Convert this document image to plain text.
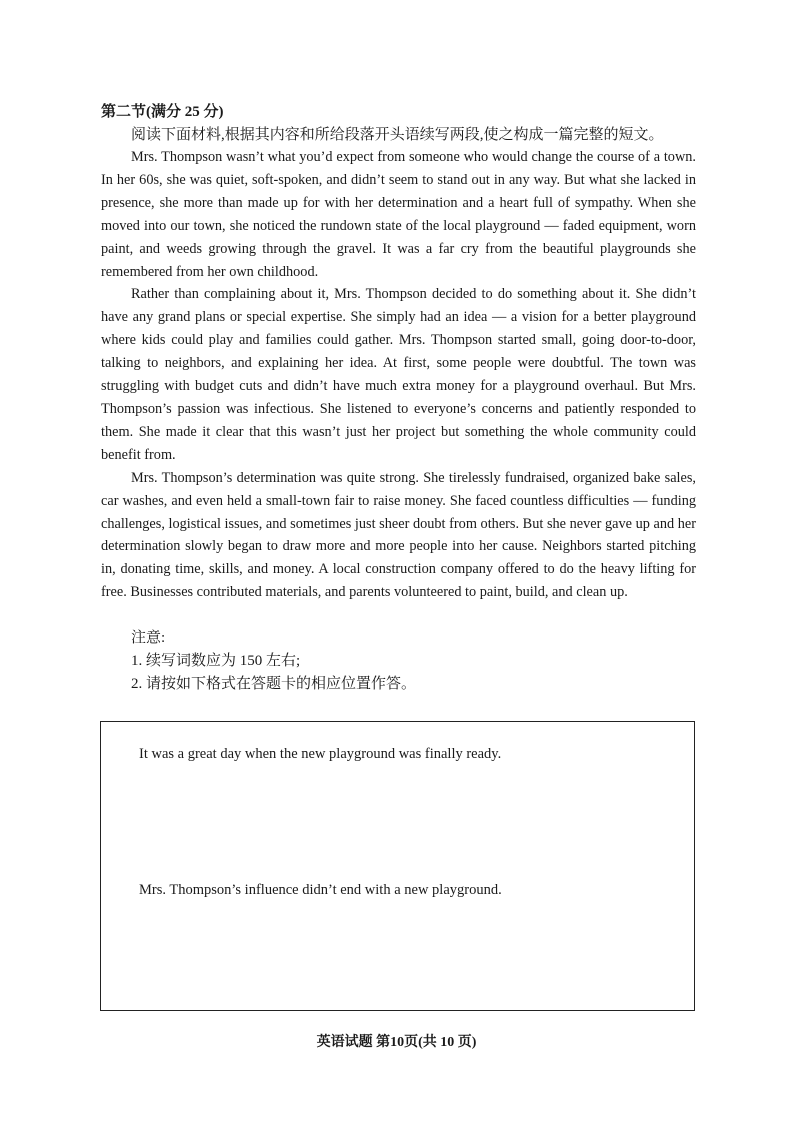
第二节(满分 25 分)
阅读下面材料,根据其内容和所给段落开头语续写两段,使之构成一篇完整的短文。

Mrs. Thompson wasn’t what you’d expect from someone who would change the course of a town. In her 60s, she was quiet, soft-spoken, and didn’t seem to stand out in any way. But what she lacked in presence, she more than made up for with her determination and a heart full of sympathy. When she moved into our town, she noticed the rundown state of the local playground — faded equipment, worn paint, and weeds growing through the gravel. It was a far cry from the beautiful playgrounds she remembered from her own childhood.

Rather than complaining about it, Mrs. Thompson decided to do something about it. She didn’t have any grand plans or special expertise. She simply had an idea — a vision for a better playground where kids could play and families could gather. Mrs. Thompson started small, going door-to-door, talking to neighbors, and explaining her idea. At first, some people were doubtful. The town was struggling with budget cuts and didn’t have much extra money for a playground overhaul. But Mrs. Thompson’s passion was infectious. She listened to everyone’s concerns and patiently responded to them. She made it clear that this wasn’t just her project but something the whole community could benefit from.

Mrs. Thompson’s determination was quite strong. She tirelessly fundraised, organized bake sales, car washes, and even held a small-town fair to raise money. She faced countless difficulties — funding challenges, logistical issues, and sometimes just sheer doubt from others. But she never gave up and her determination slowly began to draw more and more people into her cause. Neighbors started pitching in, donating time, skills, and money. A local construction company offered to do the heavy lifting for free. Businesses contributed materials, and parents volunteered to paint, build, and clean up.

注意:
1. 续写词数应为 150 左右;
2. 请按如下格式在答题卡的相应位置作答。
It was a great day when the new playground was finally ready.
Mrs. Thompson’s influence didn’t end with a new playground.
英语试题 第10页(共 10 页)
